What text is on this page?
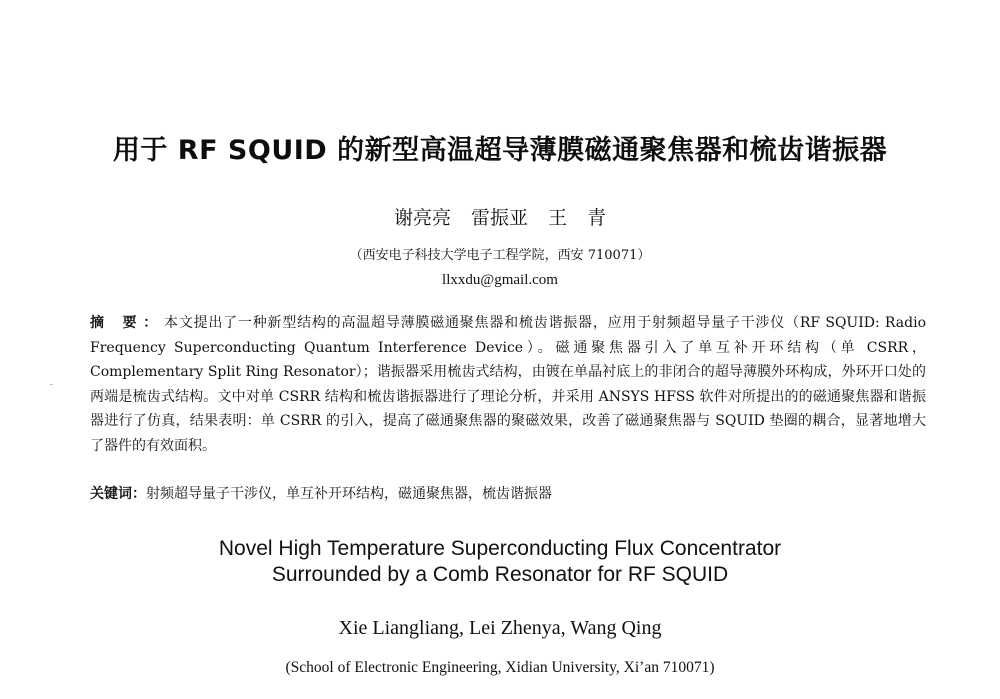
用于 RF SQUID 的新型高温超导薄膜磁通聚焦器和梳齿谐振器

谢亮亮 雷振亚 王 青

（西安电子科技大学电子工程学院，西安 710071）

llxxdu@gmail.com

摘 要：本文提出了一种新型结构的高温超导薄膜磁通聚焦器和梳齿谐振器，应用于射频超导量子干涉仪（RF SQUID: Radio Frequency Superconducting Quantum Interference Device）。磁通聚焦器引入了单互补开环结构（单 CSRR，Complementary Split Ring Resonator）；谐振器采用梳齿式结构，由镀在单晶衬底上的非闭合的超导薄膜外环构成，外环开口处的两端是梳齿式结构。文中对单 CSRR 结构和梳齿谐振器进行了理论分析，并采用 ANSYS HFSS 软件对所提出的的磁通聚焦器和谐振器进行了仿真，结果表明：单 CSRR 的引入，提高了磁通聚焦器的聚磁效果，改善了磁通聚焦器与 SQUID 垫圈的耦合，显著地增大了器件的有效面积。

关键词：射频超导量子干涉仪，单互补开环结构，磁通聚焦器，梳齿谐振器

Novel High Temperature Superconducting Flux Concentrator
Surrounded by a Comb Resonator for RF SQUID

Xie Liangliang, Lei Zhenya, Wang Qing

(School of Electronic Engineering, Xidian University, Xi’an 710071)
